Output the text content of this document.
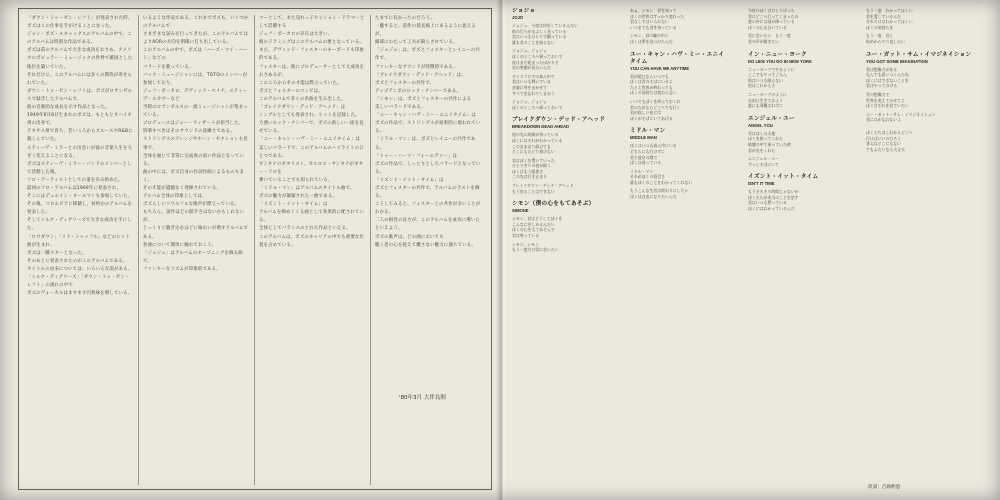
「ダウン・トゥ・ゼン・レフト」が発表された時、ボズはこの仕事を手がけることになった。

ジョン・ボズ・スキャッグスのアルバムの中で、このアルバムは特別な作品である。

ボズは前のアルバムで大きな成功をおさめ、アメリカのポピュラー・ミュージックの世界で確固とした地位を築いていた。

それだけに、このアルバムには多くの期待が寄せられていた。

ダウン・トゥ・ゼン・レフトは、ボズがロサンゼルスで録音したアルバムで、

彼の音楽的な成長を示す作品となった。

1949年6月8日生まれのボズは、もともとオハイオ州の出身で、

テキサス州で育ち、若いころからブルースやR&Bに親しんでいた。

スティーヴ・ミラーとの出会いが彼の音楽人生を大きく変えることになる。

ボズはスティーヴ・ミラー・バンドのメンバーとして活動した後、

ソロ・アーティストとしての道を歩み始めた。

最初のソロ・アルバムは1969年に発表され、

そこにはデュエイン・オールマンも参加していた。

その後、コロムビアに移籍し、何枚かのアルバムを発表した。

そしてシルク・ディグリーズで大きな成功を手にした。

「ロウダウン」「リド・シャッフル」などのヒット曲が生まれ、

ボズは一躍スターとなった。

そのあとに発表されたのがこのアルバムである。

タイトルの由来については、いろいろな説がある。

「シルク・ディグリーズ」「ダウン・トゥ・ゼン・レフト」の流れの中で

ボズのヴォーカルはますます円熟味を増している。

いるような作品である。これまでボズも、いくつかのアルバムで

さまざまな試みを行ってきたが、このアルバムでは

よりAORの方向を明確に打ち出している。

このアルバムの中で、ボズは「ハーズ・マイ・ハート」などの

バラードを歌っている。

バック・ミュージシャンには、TOTOのメンバーが参加しており、

ジェフ・ポーカロ、デヴィッド・ペイチ、スティーヴ・ルカサーなど

当時のロサンゼルスの一流ミュージシャンが集まっている。

プロデュースはジョー・ウィザートが担当した。

特筆すべきはそのサウンドの洗練さである。

ストリングスのアレンジやホーン・セクションも見事で、

全体を通じて非常に完成度の高い作品となっている。

曲の中には、ボズ自身の作詞作曲によるものも多く、

その才能が遺憾なく発揮されている。

アルバム全体の印象としては、

ボズらしいソウルフルな歌声が際立っている。

もちろん、前作ほどの派手さはないかもしれないが、

じっくりと聴き込むほどに味わいが増すアルバムである。

各曲について簡単に触れておこう。

「ジョジョ」はアルバムのオープニングを飾る曲で、

ファンキーなリズムが印象的である。

マーとして、また売れっ子セッション・ドラマーとして活躍する

ジェフ・ポーカロの存在は大きい。

彼のドラミングはこのアルバムの要となっている。

また、デヴィッド・フォスターのキーボードも印象的である。

フォスターは、後にプロデューサーとして大成功をおさめるが、

このころからその才能は際立っていた。

ボズとフォスターのコンビは、

このアルバムで多くの名曲を生み出した。

「ブレイクダウン・デッド・アヘッド」は

シングルとしても発表され、ヒットを記録した。

力強いロック・ナンバーで、ボズの新しい一面を見せている。

「ユー・キャン・ハヴ・ミー・エニイタイム」は

美しいバラードで、このアルバムのハイライトのひとつである。

サンタナのギタリスト、カルロス・サンタナがギター・ソロを

弾いていることでも知られている。

「ミドル・マン」はアルバムのタイトル曲で、

ボズの魅力が凝縮された一曲である。

「イズント・イット・タイム」は

アルバムを締めくくる曲として効果的に配されている。

全体としてバランスのとれた作品といえる。

このアルバムは、ボズのキャリアの中でも重要な位置を占めている。

たまでに長かったのだろう。

一聴すると、前作の延長線上にあるように思えるが、

細部にわたって工夫が凝らされている。

「ジョジョ」は、ボズとフォスターとレイニーの共作で、

ファンキーなサウンドが特徴的である。

「ブレイクダウン・デッド・アヘッド」は、

ボズとフォスターの共作で、

アップテンポのロック・ナンバーである。

「シモン」は、ボズとフォスターの共作による

美しいバラードである。

「ユー・キャン・ハヴ・ミー・エニイタイム」は

ボズの作品で、ストリングスが効果的に使われている。

「ミドル・マン」は、ボズとレイニーの共作である。

「トゥー・ハーツ・フォーエヴァー」は

ボズの作品で、しっとりとしたバラードとなっている。

「イズント・イット・タイム」は

ボズとフォスターの共作で、アルバムのラストを飾る。

こうしてみると、フォスターとの共作が多いことがわかる。

二人の相性の良さが、このアルバムを成功に導いたといえよう。

ボズの歌声は、どの曲においても

聴く者の心を捉えて離さない魅力に満ちている。

'80年3月 大伴良則
ジョジョ
JOJO
ジョジョ、今夜は何をしているんだい
街の灯りがまぶしく光っている
君はいつもひとりで踊っている
誰も君のことを知らない
ジョジョ、ジョジョ
ぼくのところへ帰っておいで
夜はまだ始まったばかりさ
君の笑顔が見たいんだ
ダンスフロアの真ん中で
君はいつも輝いている
音楽に身をまかせて
すべてを忘れてしまおう
ジョジョ、ジョジョ
ぼくのところへ帰っておいで
ブレイクダウン・デッド・アヘッド
BREAKDOWN DEAD AHEAD
道の先に故障が待っている
ぼくにはそれがわかっている
このまま走り続けても
どこにもたどり着けない
君はぼくを置いていった
ひとりきりの夜が続く
ぼくはもう限界さ
この先は行き止まり
ブレイクダウン・デッド・アヘッド
もう戻ることはできない
シモン（僕の心をもてあそぶ）
SIMONE
シモン、君はどうしてぼくを
こんなに苦しめるんだい
ぼくの心をもてあそんで
君は笑っている
シモン、シモン
もう一度だけ君に会いたい
あぁ、シモン　君を知って
ぼくの世界はすっかり変わった
君なしではいられない
いつまでも君を待っている
シモン、君の瞳の中に
ぼくは夢を見つけたんだ
ユー・キャン・ハヴ・ミー・エニイタイム
YOU CAN HAVE ME ANYTIME
君が望むならいつでも
ぼくは君のそばにいるよ
たとえ世界が終わっても
ぼくの気持ちは変わらない
いつでもぼくを呼んでおくれ
君のためならどこへでも行く
君が寂しい夜には
ぼくがそばにいてあげる
ミドル・マン
MIDDLE MAN
ぼくはいつも真ん中にいる
どちらにも行けずに
君と彼女の間で
ぼくは迷っている
ミドル・マン
それがぼくの役目さ
誰もぼくのことをわかってくれない
もうこんな生活は終わりにしたい
ぼくは自由になりたいんだ
今夜のぼくはひとりぼっち
君はどこへ行ってしまったの
窓の外には雨が降っている
ぼくの心も泣いている
君に会いたい　もう一度
君の声が聞きたい
イン・ニュー・ヨーク
DO LIKE YOU DO IN NEW YORK
ニューヨークでやるように
ここでもやってごらん
街はいつも眠らない
夜はこれからさ
ニューヨークのように
自由に生きてみよう
誰にも邪魔されずに
エンジェル・ユー
ANGEL YOU
君はぼくの天使
ぼくを救ってくれた
暗闇の中で迷っていた時
君が光をくれた
エンジェル・ユー
ずっとそばにいて
イズント・イット・タイム
ISN'T IT TIME
もうそろそろ時間じゃないか
ぼくたちが本当のことを話す
君はいつも黙っている
ぼくにはわかっているんだ
もう一度　わかってほしい
君を愛しているんだ
それだけはわかってほしい
ぼくの気持ちを
もう一度　君と
始めからやり直したい
ユー・ガット・サム・イマジネイション
YOU GOT SOME IMAGINATION
君は想像力がある
なんでも思いつくんだね
ぼくにはできないことを
君はやってのける
君の想像力で
世界を変えてみせてよ
ぼくはそれを見ていたい
ユー・ガット・サム・イマジネイション
君にはかなわないよ
ぼくたちはこれからどこへ
行けばいいのだろう
答えはどこにもない
でもふたりなら大丈夫
訳詞：吉岡伸恵
